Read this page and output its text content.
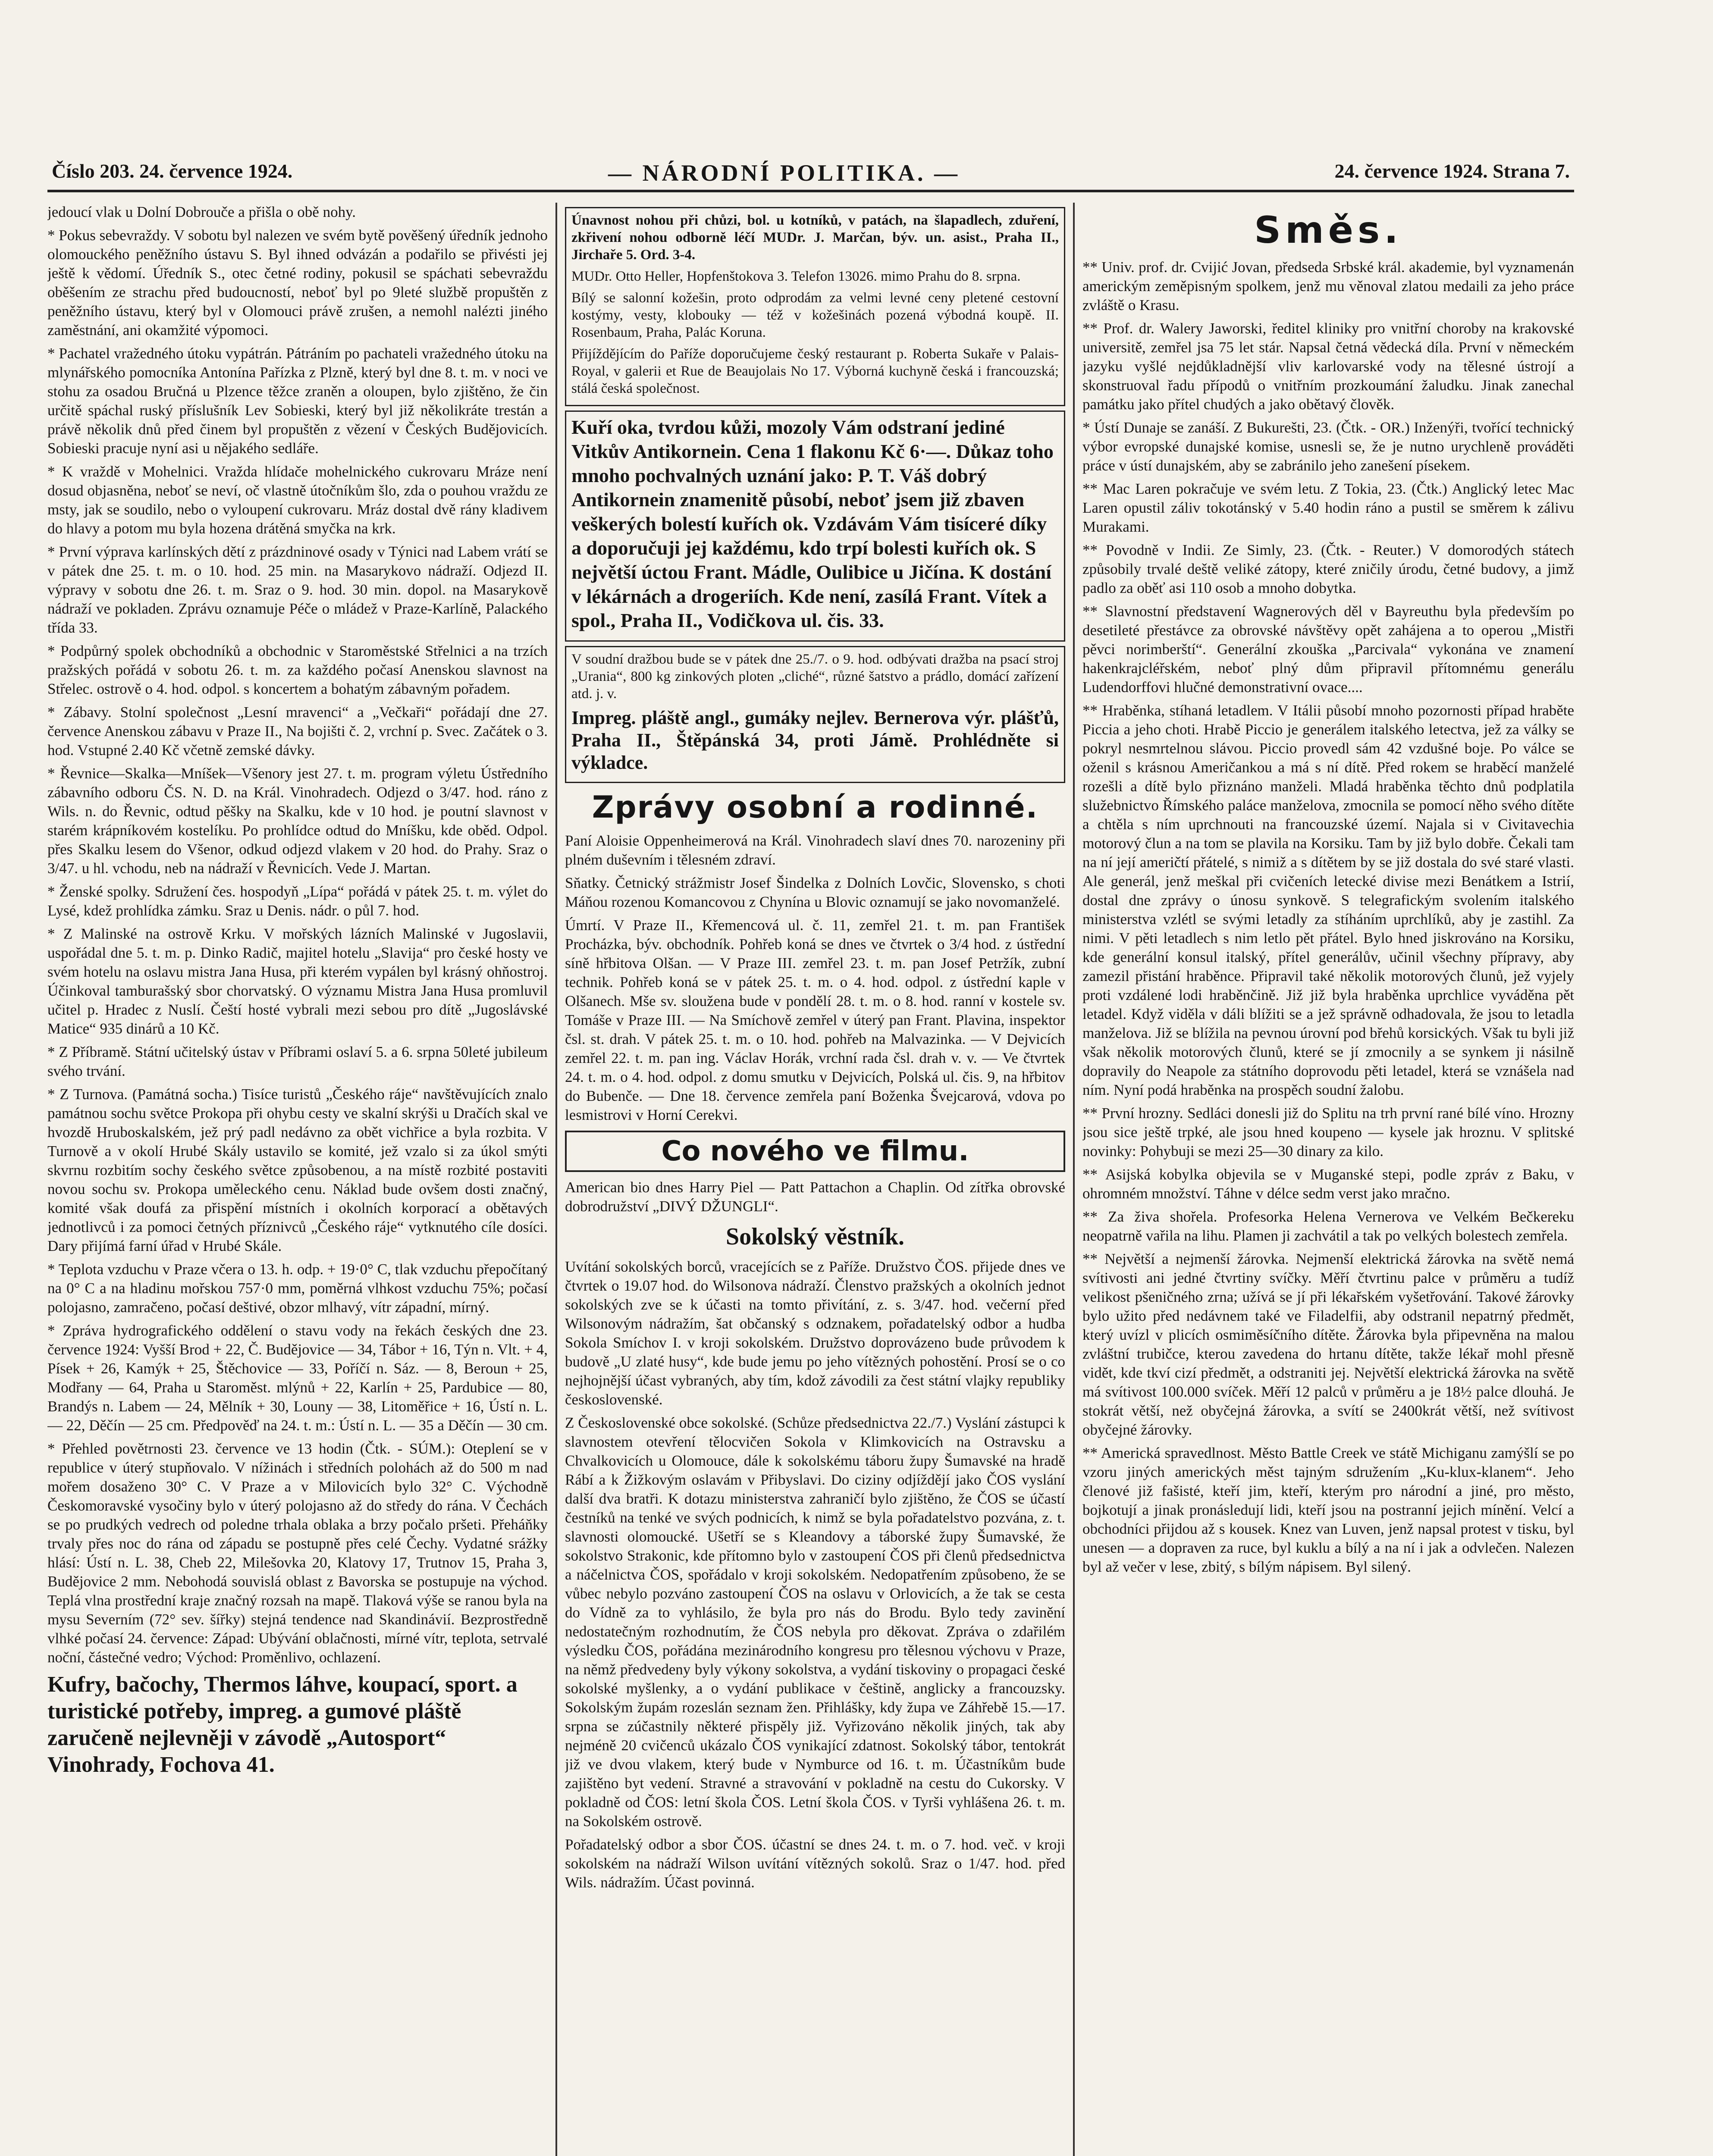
Číslo 203. 24. července 1924.	— NÁRODNÍ POLITIKA. —	24. července 1924. Strana 7.

jedoucí vlak u Dolní Dobrouče a přišla o obě nohy.

* Pokus sebevraždy. V sobotu byl nalezen ve svém bytě pověšený úředník jednoho olomouckého peněžního ústavu S. Byl ihned odvázán a podařilo se přivésti jej ještě k vědomí. Úředník S., otec četné rodiny, pokusil se spáchati sebevraždu oběšením ze strachu před budoucností, neboť byl po 9leté službě propuštěn z peněžního ústavu, který byl v Olomouci právě zrušen, a nemohl nalézti jiného zaměstnání, ani okamžité výpomoci.

* Pachatel vražedného útoku vypátrán. Pátráním po pachateli vražedného útoku na mlynářského pomocníka Antonína Pařízka z Plzně, který byl dne 8. t. m. v noci ve stohu za osadou Bručná u Plzence těžce zraněn a oloupen, bylo zjištěno, že čin určitě spáchal ruský příslušník Lev Sobieski, který byl již několikráte trestán a právě několik dnů před činem byl propuštěn z vězení v Českých Budějovicích. Sobieski pracuje nyní asi u nějakého sedláře.

* K vraždě v Mohelnici. Vražda hlídače mohelnického cukrovaru Mráze není dosud objasněna, neboť se neví, oč vlastně útočníkům šlo, zda o pouhou vraždu ze msty, jak se soudilo, nebo o vyloupení cukrovaru. Mráz dostal dvě rány kladivem do hlavy a potom mu byla hozena drátěná smyčka na krk.

* První výprava karlínských dětí z prázdninové osady v Týnici nad Labem vrátí se v pátek dne 25. t. m. o 10. hod. 25 min. na Masarykovo nádraží. Odjezd II. výpravy v sobotu dne 26. t. m. Sraz o 9. hod. 30 min. dopol. na Masarykově nádraží ve pokladen. Zprávu oznamuje Péče o mládež v Praze-Karlíně, Palackého třída 33.

* Podpůrný spolek obchodníků a obchodnic v Staroměstské Střelnici a na trzích pražských pořádá v sobotu 26. t. m. za každého počasí Anenskou slavnost na Střelec. ostrově o 4. hod. odpol. s koncertem a bohatým zábavným pořadem.

* Zábavy. Stolní společnost „Lesní mravenci“ a „Večkaři“ pořádají dne 27. července Anenskou zábavu v Praze II., Na bojišti č. 2, vrchní p. Svec. Začátek o 3. hod. Vstupné 2.40 Kč včetně zemské dávky.

* Řevnice—Skalka—Mníšek—Všenory jest 27. t. m. program výletu Ústředního zábavního odboru ČS. N. D. na Král. Vinohradech. Odjezd o 3/47. hod. ráno z Wils. n. do Řevnic, odtud pěšky na Skalku, kde v 10 hod. je poutní slavnost v starém krápníkovém kostelíku. Po prohlídce odtud do Mníšku, kde oběd. Odpol. přes Skalku lesem do Všenor, odkud odjezd vlakem v 20 hod. do Prahy. Sraz o 3/47. u hl. vchodu, neb na nádraží v Řevnicích. Vede J. Martan.

* Ženské spolky. Sdružení čes. hospodyň „Lípa“ pořádá v pátek 25. t. m. výlet do Lysé, kdež prohlídka zámku. Sraz u Denis. nádr. o půl 7. hod.

* Z Malinské na ostrově Krku. V mořských lázních Malinské v Jugoslavii, uspořádal dne 5. t. m. p. Dinko Radič, majitel hotelu „Slavija“ pro české hosty ve svém hotelu na oslavu mistra Jana Husa, při kterém vypálen byl krásný ohňostroj. Účinkoval tamburašský sbor chorvatský. O významu Mistra Jana Husa promluvil učitel p. Hradec z Nuslí. Čeští hosté vybrali mezi sebou pro dítě „Jugoslávské Matice“ 935 dinárů a 10 Kč.

* Z Příbramě. Státní učitelský ústav v Příbrami oslaví 5. a 6. srpna 50leté jubileum svého trvání.

* Z Turnova. (Památná socha.) Tisíce turistů „Českého ráje“ navštěvujících znalo památnou sochu světce Prokopa při ohybu cesty ve skalní skrýši u Dračích skal ve hvozdě Hruboskalském, jež prý padl nedávno za obět vichřice a byla rozbita. V Turnově a v okolí Hrubé Skály ustavilo se komité, jež vzalo si za úkol smýti skvrnu rozbitím sochy českého světce způsobenou, a na místě rozbité postaviti novou sochu sv. Prokopa uměleckého cenu. Náklad bude ovšem dosti značný, komité však doufá za přispění místních i okolních korporací a obětavých jednotlivců i za pomoci četných příznivců „Českého ráje“ vytknutého cíle dosíci. Dary přijímá farní úřad v Hrubé Skále.

* Teplota vzduchu v Praze včera o 13. h. odp. + 19·0° C, tlak vzduchu přepočítaný na 0° C a na hladinu mořskou 757·0 mm, poměrná vlhkost vzduchu 75%; počasí polojasno, zamračeno, počasí deštivé, obzor mlhavý, vítr západní, mírný.

* Zpráva hydrografického oddělení o stavu vody na řekách českých dne 23. července 1924: Vyšší Brod + 22, Č. Budějovice — 34, Tábor + 16, Týn n. Vlt. + 4, Písek + 26, Kamýk + 25, Štěchovice — 33, Poříčí n. Sáz. — 8, Beroun + 25, Modřany — 64, Praha u Staroměst. mlýnů + 22, Karlín + 25, Pardubice — 80, Brandýs n. Labem — 24, Mělník + 30, Louny — 38, Litoměřice + 16, Ústí n. L. — 22, Děčín — 25 cm. Předpověď na 24. t. m.: Ústí n. L. — 35 a Děčín — 30 cm.

* Přehled povětrnosti 23. července ve 13 hodin (Čtk. - SÚM.): Oteplení se v republice v úterý stupňovalo. V nížinách i středních polohách až do 500 m nad mořem dosaženo 30° C. V Praze a v Milovicích bylo 32° C. Východně Českomoravské vysočiny bylo v úterý polojasno až do středy do rána. V Čechách se po prudkých vedrech od poledne trhala oblaka a brzy počalo pršeti. Přeháňky trvaly přes noc do rána od západu se postupně přes celé Čechy. Vydatné srážky hlásí: Ústí n. L. 38, Cheb 22, Milešovka 20, Klatovy 17, Trutnov 15, Praha 3, Budějovice 2 mm. Nebohodá souvislá oblast z Bavorska se postupuje na východ. Teplá vlna prostřední kraje značný rozsah na mapě. Tlaková výše se ranou byla na mysu Severním (72° sev. šířky) stejná tendence nad Skandinávií. Bezprostředně vlhké počasí 24. července: Západ: Ubývání oblačnosti, mírné vítr, teplota, setrvalé noční, částečné vedro; Východ: Proměnlivo, ochlazení.

Kufry, bačochy, Thermos láhve, koupací, sport. a turistické potřeby, impreg. a gumové pláště zaručeně nejlevněji v závodě „Autosport“ Vinohrady, Fochova 41.

Únavnost nohou při chůzi, bol. u kotníků, v patách, na šlapadlech, zduření, zkřivení nohou odborně léčí MUDr. J. Marčan, býv. un. asist., Praha II., Jirchaře 5. Ord. 3-4.

MUDr. Otto Heller, Hopfenštokova 3. Telefon 13026. mimo Prahu do 8. srpna.

Bílý se salonní kožešin, proto odprodám za velmi levné ceny pletené cestovní kostýmy, vesty, klobouky — též v kožešinách pozená výbodná koupě. II. Rosenbaum, Praha, Palác Koruna.

Přijíždějícím do Paříže doporučujeme český restaurant p. Roberta Sukaře v Palais-Royal, v galerii et Rue de Beaujolais No 17. Výborná kuchyně česká i francouzská; stálá česká společnost.

Kuří oka, tvrdou kůži, mozoly Vám odstraní jediné Vitkův Antikornein. Cena 1 flakonu Kč 6·—. Důkaz toho mnoho pochvalných uznání jako: P. T. Váš dobrý Antikornein znamenitě působí, neboť jsem již zbaven veškerých bolestí kuřích ok. Vzdávám Vám tisíceré díky a doporučuji jej každému, kdo trpí bolesti kuřích ok. S největší úctou Frant. Mádle, Oulibice u Jičína. K dostání v lékárnách a drogeriích. Kde není, zasílá Frant. Vítek a spol., Praha II., Vodičkova ul. čis. 33.

V soudní dražbou bude se v pátek dne 25./7. o 9. hod. odbývati dražba na psací stroj „Urania“, 800 kg zinkových ploten „cliché“, různé šatstvo a prádlo, domácí zařízení atd. j. v.

Impreg. pláště angl., gumáky nejlev. Bernerova výr. plášťů, Praha II., Štěpánská 34, proti Jámě. Prohlédněte si výkladce.

Zprávy osobní a rodinné.

Paní Aloisie Oppenheimerová na Král. Vinohradech slaví dnes 70. narozeniny při plném duševním i tělesném zdraví.

Sňatky. Četnický strážmistr Josef Šindelka z Dolních Lovčic, Slovensko, s choti Máňou rozenou Komancovou z Chynína u Blovic oznamují se jako novomanželé.

Úmrtí. V Praze II., Křemencová ul. č. 11, zemřel 21. t. m. pan František Procházka, býv. obchodník. Pohřeb koná se dnes ve čtvrtek o 3/4 hod. z ústřední síně hřbitova Olšan. — V Praze III. zemřel 23. t. m. pan Josef Petržík, zubní technik. Pohřeb koná se v pátek 25. t. m. o 4. hod. odpol. z ústřední kaple v Olšanech. Mše sv. sloužena bude v pondělí 28. t. m. o 8. hod. ranní v kostele sv. Tomáše v Praze III. — Na Smíchově zemřel v úterý pan Frant. Plavina, inspektor čsl. st. drah. V pátek 25. t. m. o 10. hod. pohřeb na Malvazinka. — V Dejvicích zemřel 22. t. m. pan ing. Václav Horák, vrchní rada čsl. drah v. v. — Ve čtvrtek 24. t. m. o 4. hod. odpol. z domu smutku v Dejvicích, Polská ul. čis. 9, na hřbitov do Bubenče. — Dne 18. července zemřela paní Boženka Švejcarová, vdova po lesmistrovi v Horní Cerekvi.

Co nového ve filmu.

American bio dnes Harry Piel — Patt Pattachon a Chaplin. Od zítřka obrovské dobrodružství „DIVÝ DŽUNGLI“.

Sokolský věstník.

Uvítání sokolských borců, vracejících se z Paříže. Družstvo ČOS. přijede dnes ve čtvrtek o 19.07 hod. do Wilsonova nádraží. Členstvo pražských a okolních jednot sokolských zve se k účasti na tomto přivítání, z. s. 3/47. hod. večerní před Wilsonovým nádražím, šat občanský s odznakem, pořadatelský odbor a hudba Sokola Smíchov I. v kroji sokolském. Družstvo doprovázeno bude průvodem k budově „U zlaté husy“, kde bude jemu po jeho vítězných pohostění. Prosí se o co nejhojnější účast vybraných, aby tím, kdož závodili za čest státní vlajky republiky československé.

Z Československé obce sokolské. (Schůze předsednictva 22./7.) Vyslání zástupci k slavnostem otevření tělocvičen Sokola v Klimkovicích na Ostravsku a Chvalkovicích u Olomouce, dále k sokolskému táboru župy Šumavské na hradě Rábí a k Žižkovým oslavám v Přibyslavi. Do ciziny odjíždějí jako ČOS vyslání další dva bratři. K dotazu ministerstva zahraničí bylo zjištěno, že ČOS se účastí čestníků na tenké ve svých podnicích, k nimž se byla pořadatelstvo pozvána, z. t. slavnosti olomoucké. Ušetří se s Kleandovy a táborské župy Šumavské, že sokolstvo Strakonic, kde přítomno bylo v zastoupení ČOS při členů předsednictva a náčelnictva ČOS, spořádalo v kroji sokolském. Nedopatřením způsobeno, že se vůbec nebylo pozváno zastoupení ČOS na oslavu v Orlovicích, a že tak se cesta do Vídně za to vyhlásilo, že byla pro nás do Brodu. Bylo tedy zavinění nedostatečným rozhodnutím, že ČOS nebyla pro děkovat. Zpráva o zdařilém výsledku ČOS, pořádána mezinárodního kongresu pro tělesnou výchovu v Praze, na němž předvedeny byly výkony sokolstva, a vydání tiskoviny o propagaci české sokolské myšlenky, a o vydání publikace v češtině, anglicky a francouzsky. Sokolským župám rozeslán seznam žen. Přihlášky, kdy župa ve Záhřebě 15.—17. srpna se zúčastnily některé přispěly již. Vyřizováno několik jiných, tak aby nejméně 20 cvičenců ukázalo ČOS vynikající zdatnost. Sokolský tábor, tentokrát již ve dvou vlakem, který bude v Nymburce od 16. t. m. Účastníkům bude zajištěno byt vedení. Stravné a stravování v pokladně na cestu do Cukorsky. V pokladně od ČOS: letní škola ČOS. Letní škola ČOS. v Tyrši vyhlášena 26. t. m. na Sokolském ostrově.

Pořadatelský odbor a sbor ČOS. účastní se dnes 24. t. m. o 7. hod. več. v kroji sokolském na nádraží Wilson uvítání vítězných sokolů. Sraz o 1/47. hod. před Wils. nádražím. Účast povinná.

Směs.

** Univ. prof. dr. Cvijić Jovan, předseda Srbské král. akademie, byl vyznamenán americkým zeměpisným spolkem, jenž mu věnoval zlatou medaili za jeho práce zvláště o Krasu.

** Prof. dr. Walery Jaworski, ředitel kliniky pro vnitřní choroby na krakovské universitě, zemřel jsa 75 let stár. Napsal četná vědecká díla. První v německém jazyku vyšlé nejdůkladnější vliv karlovarské vody na tělesné ústrojí a skonstruoval řadu přípodů o vnitřním prozkoumání žaludku. Jinak zanechal památku jako přítel chudých a jako obětavý člověk.

* Ústí Dunaje se zanáší. Z Bukurešti, 23. (Čtk. - OR.) Inženýři, tvořící technický výbor evropské dunajské komise, usnesli se, že je nutno urychleně prováděti práce v ústí dunajském, aby se zabránilo jeho zanešení písekem.

** Mac Laren pokračuje ve svém letu. Z Tokia, 23. (Čtk.) Anglický letec Mac Laren opustil záliv tokotánský v 5.40 hodin ráno a pustil se směrem k zálivu Murakami.

** Povodně v Indii. Ze Simly, 23. (Čtk. - Reuter.) V domorodých státech způsobily trvalé deště veliké zátopy, které zničily úrodu, četné budovy, a jimž padlo za oběť asi 110 osob a mnoho dobytka.

** Slavnostní představení Wagnerových děl v Bayreuthu byla především po desetileté přestávce za obrovské návštěvy opět zahájena a to operou „Mistři pěvci norimberští“. Generální zkouška „Parcivala“ vykonána ve znamení hakenkrajcléřském, neboť plný dům připravil přítomnému generálu Ludendorffovi hlučné demonstrativní ovace....

** Hraběnka, stíhaná letadlem. V Itálii působí mnoho pozornosti případ hraběte Piccia a jeho choti. Hrabě Piccio je generálem italského letectva, jež za války se pokryl nesmrtelnou slávou. Piccio provedl sám 42 vzdušné boje. Po válce se oženil s krásnou Američankou a má s ní dítě. Před rokem se hraběcí manželé rozešli a dítě bylo přiznáno manželi. Mladá hraběnka těchto dnů podplatila služebnictvo Římského paláce manželova, zmocnila se pomocí něho svého dítěte a chtěla s ním uprchnouti na francouzské území. Najala si v Civitavechia motorový člun a na tom se plavila na Korsiku. Tam by již bylo dobře. Čekali tam na ní její američtí přátelé, s nimiž a s dítětem by se již dostala do své staré vlasti. Ale generál, jenž meškal při cvičeních letecké divise mezi Benátkem a Istrií, dostal dne zprávy o únosu synkově. S telegrafickým svolením italského ministerstva vzlétl se svými letadly za stíháním uprchlíků, aby je zastihl. Za nimi. V pěti letadlech s nim letlo pět přátel. Bylo hned jiskrováno na Korsiku, kde generální konsul italský, přítel generálův, učinil všechny přípravy, aby zamezil přistání hraběnce. Připravil také několik motorových člunů, jež vyjely proti vzdálené lodi hraběnčině. Již již byla hraběnka uprchlice vyváděna pět letadel. Když viděla v dáli blížiti se a jež správně odhadovala, že jsou to letadla manželova. Již se blížila na pevnou úrovní pod břehů korsických. Však tu byli již však několik motorových člunů, které se jí zmocnily a se synkem ji násilně dopravily do Neapole za státního doprovodu pěti letadel, která se vznášela nad ním. Nyní podá hraběnka na prospěch soudní žalobu.

** První hrozny. Sedláci donesli již do Splitu na trh první rané bílé víno. Hrozny jsou sice ještě trpké, ale jsou hned koupeno — kysele jak hroznu. V splitské novinky: Pohybuji se mezi 25—30 dinary za kilo.

** Asijská kobylka objevila se v Muganské stepi, podle zpráv z Baku, v ohromném množství. Táhne v délce sedm verst jako mračno.

** Za živa shořela. Profesorka Helena Vernerova ve Velkém Bečkereku neopatrně vařila na lihu. Plamen ji zachvátil a tak po velkých bolestech zemřela.

** Největší a nejmenší žárovka. Nejmenší elektrická žárovka na světě nemá svítivosti ani jedné čtvrtiny svíčky. Měří čtvrtinu palce v průměru a tudíž velikost pšeničného zrna; užívá se jí při lékařském vyšetřování. Takové žárovky bylo užito před nedávnem také ve Filadelfii, aby odstranil nepatrný předmět, který uvízl v plicích osmiměsíčního dítěte. Žárovka byla připevněna na malou zvláštní trubičce, kterou zavedena do hrtanu dítěte, takže lékař mohl přesně vidět, kde tkví cizí předmět, a odstraniti jej. Největší elektrická žárovka na světě má svítivost 100.000 svíček. Měří 12 palců v průměru a je 18½ palce dlouhá. Je stokrát větší, než obyčejná žárovka, a svítí se 2400krát větší, než svítivost obyčejné žárovky.

** Americká spravedlnost. Město Battle Creek ve státě Michiganu zamýšlí se po vzoru jiných amerických měst tajným sdružením „Ku-klux-klanem“. Jeho členové již fašisté, kteří jim, kteří, kterým pro národní a jiné, pro město, bojkotují a jinak pronásledují lidi, kteří jsou na postranní jejich mínění. Velcí a obchodníci přijdou až s kousek. Knez van Luven, jenž napsal protest v tisku, byl unesen — a dopraven za ruce, byl kuklu a bílý a na ní i jak a odvlečen. Nalezen byl až večer v lese, zbitý, s bílým nápisem. Byl silený.
